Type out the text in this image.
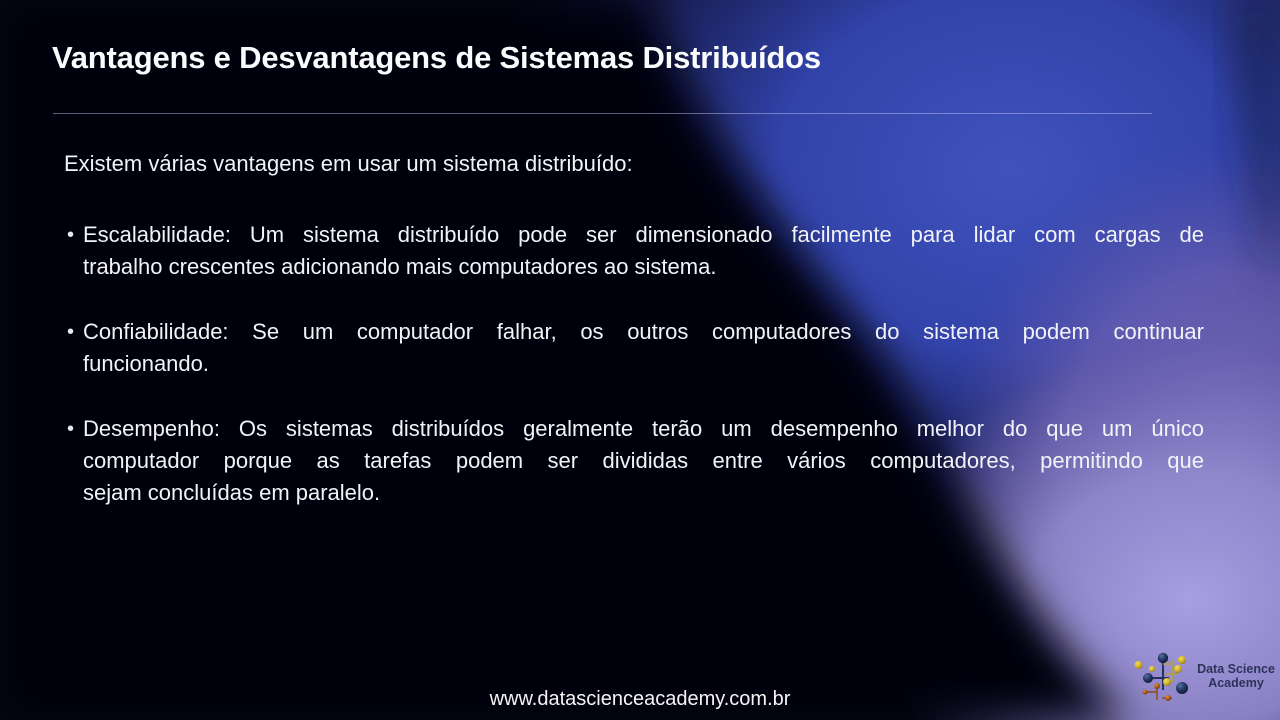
Vantagens e Desvantagens de Sistemas Distribuídos
Existem várias vantagens em usar um sistema distribuído:
• Escalabilidade: Um sistema distribuído pode ser dimensionado facilmente para lidar com cargas de
trabalho crescentes adicionando mais computadores ao sistema.
• Confiabilidade: Se um computador falhar, os outros computadores do sistema podem continuar
funcionando.
• Desempenho: Os sistemas distribuídos geralmente terão um desempenho melhor do que um único
computador porque as tarefas podem ser divididas entre vários computadores, permitindo que
sejam concluídas em paralelo.
www.datascienceacademy.com.br
Data Science
Academy
